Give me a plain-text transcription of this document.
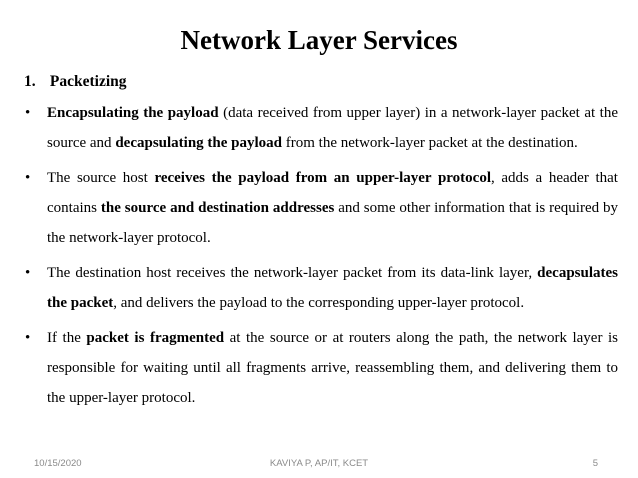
Network Layer Services
1. Packetizing
• Encapsulating the payload (data received from upper layer) in a network-layer packet at the source and decapsulating the payload from the network-layer packet at the destination.

• The source host receives the payload from an upper-layer protocol, adds a header that contains the source and destination addresses and some other information that is required by the network-layer protocol.

• The destination host receives the network-layer packet from its data-link layer, decapsulates the packet, and delivers the payload to the corresponding upper-layer protocol.

• If the packet is fragmented at the source or at routers along the path, the network layer is responsible for waiting until all fragments arrive, reassembling them, and delivering them to the upper-layer protocol.

10/15/2020	KAVIYA P, AP/IT, KCET	5
